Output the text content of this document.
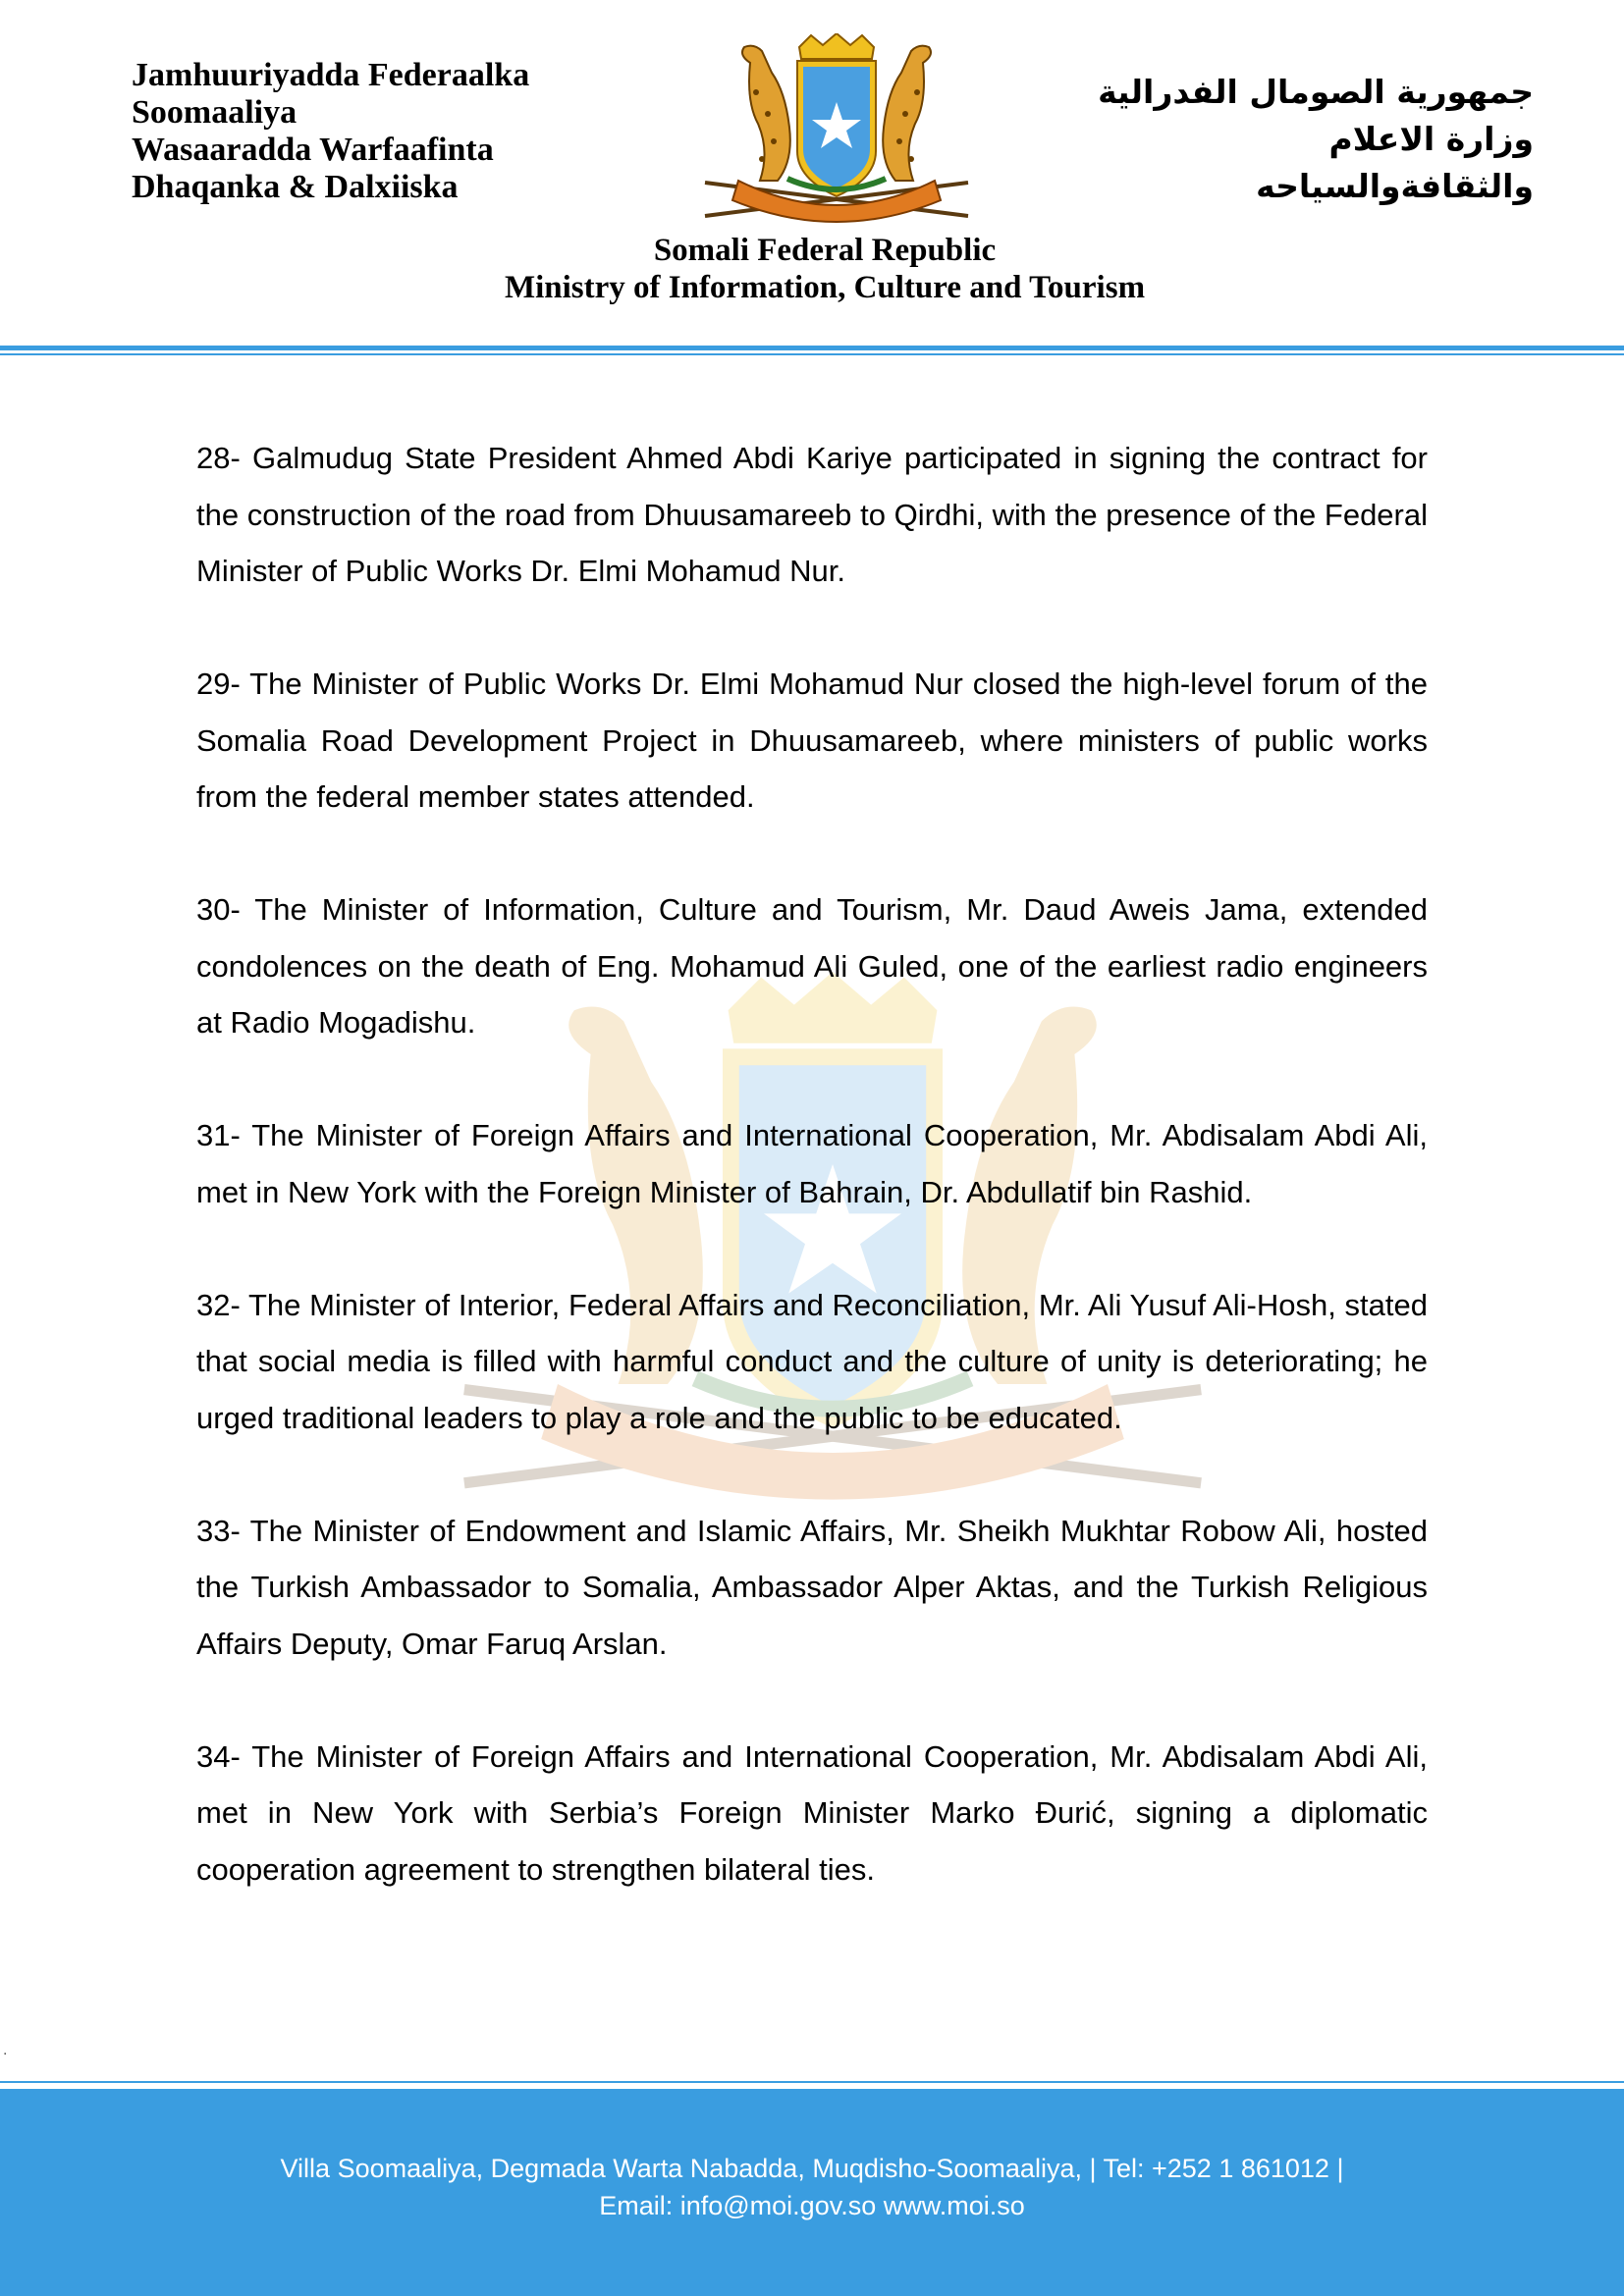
Jamhuuriyadda Federaalka
Soomaaliya
Wasaaradda Warfaafinta
Dhaqanka & Dalxiiska
جمهورية الصومال الفدرالية
وزارة الاعلام
والثقافةوالسياحه
Somali Federal Republic
Ministry of Information, Culture and Tourism

28- Galmudug State President Ahmed Abdi Kariye participated in signing the contract for the construction of the road from Dhuusamareeb to Qirdhi, with the presence of the Federal Minister of Public Works Dr. Elmi Mohamud Nur.

29- The Minister of Public Works Dr. Elmi Mohamud Nur closed the high-level forum of the Somalia Road Development Project in Dhuusamareeb, where ministers of public works from the federal member states attended.

30- The Minister of Information, Culture and Tourism, Mr. Daud Aweis Jama, extended condolences on the death of Eng. Mohamud Ali Guled, one of the earliest radio engineers at Radio Mogadishu.

31- The Minister of Foreign Affairs and International Cooperation, Mr. Abdisalam Abdi Ali, met in New York with the Foreign Minister of Bahrain, Dr. Abdullatif bin Rashid.

32- The Minister of Interior, Federal Affairs and Reconciliation, Mr. Ali Yusuf Ali-Hosh, stated that social media is filled with harmful conduct and the culture of unity is deteriorating; he urged traditional leaders to play a role and the public to be educated.

33- The Minister of Endowment and Islamic Affairs, Mr. Sheikh Mukhtar Robow Ali, hosted the Turkish Ambassador to Somalia, Ambassador Alper Aktas, and the Turkish Religious Affairs Deputy, Omar Faruq Arslan.

34- The Minister of Foreign Affairs and International Cooperation, Mr. Abdisalam Abdi Ali, met in New York with Serbia’s Foreign Minister Marko Đurić, signing a diplomatic cooperation agreement to strengthen bilateral ties.

.
Villa Soomaaliya, Degmada Warta Nabadda, Muqdisho-Soomaaliya, | Tel: +252 1 861012 |
Email: info@moi.gov.so www.moi.so
